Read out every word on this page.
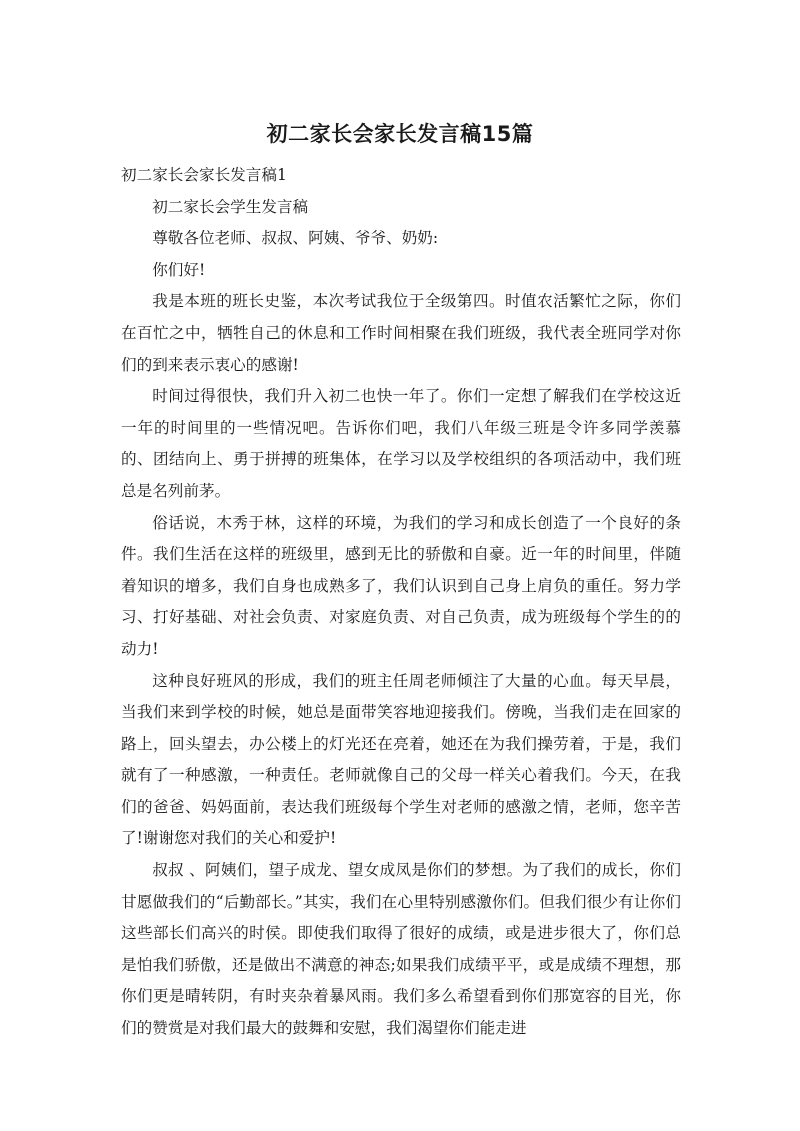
初二家长会家长发言稿15篇

初二家长会家长发言稿1

初二家长会学生发言稿

尊敬各位老师、叔叔、阿姨、爷爷、奶奶:

你们好!

我是本班的班长史鉴，本次考试我位于全级第四。时值农活繁忙之际，你们在百忙之中，牺牲自己的休息和工作时间相聚在我们班级，我代表全班同学对你们的到来表示衷心的感谢!

时间过得很快，我们升入初二也快一年了。你们一定想了解我们在学校这近一年的时间里的一些情况吧。告诉你们吧，我们八年级三班是令许多同学羡慕的、团结向上、勇于拼搏的班集体，在学习以及学校组织的各项活动中，我们班总是名列前茅。

俗话说，木秀于林，这样的环境，为我们的学习和成长创造了一个良好的条件。我们生活在这样的班级里，感到无比的骄傲和自豪。近一年的时间里，伴随着知识的增多，我们自身也成熟多了，我们认识到自己身上肩负的重任。努力学习、打好基础、对社会负责、对家庭负责、对自己负责，成为班级每个学生的的动力!

这种良好班风的形成，我们的班主任周老师倾注了大量的心血。每天早晨，当我们来到学校的时候，她总是面带笑容地迎接我们。傍晚，当我们走在回家的路上，回头望去，办公楼上的灯光还在亮着，她还在为我们操劳着，于是，我们就有了一种感激，一种责任。老师就像自己的父母一样关心着我们。今天，在我们的爸爸、妈妈面前，表达我们班级每个学生对老师的感激之情，老师，您辛苦了!谢谢您对我们的关心和爱护!

叔叔 、阿姨们，望子成龙、望女成凤是你们的梦想。为了我们的成长，你们甘愿做我们的“后勤部长。”其实，我们在心里特别感激你们。但我们很少有让你们这些部长们高兴的时侯。即使我们取得了很好的成绩，或是进步很大了，你们总是怕我们骄傲，还是做出不满意的神态;如果我们成绩平平，或是成绩不理想，那你们更是晴转阴，有时夹杂着暴风雨。我们多么希望看到你们那宽容的目光，你们的赞赏是对我们最大的鼓舞和安慰，我们渴望你们能走进
